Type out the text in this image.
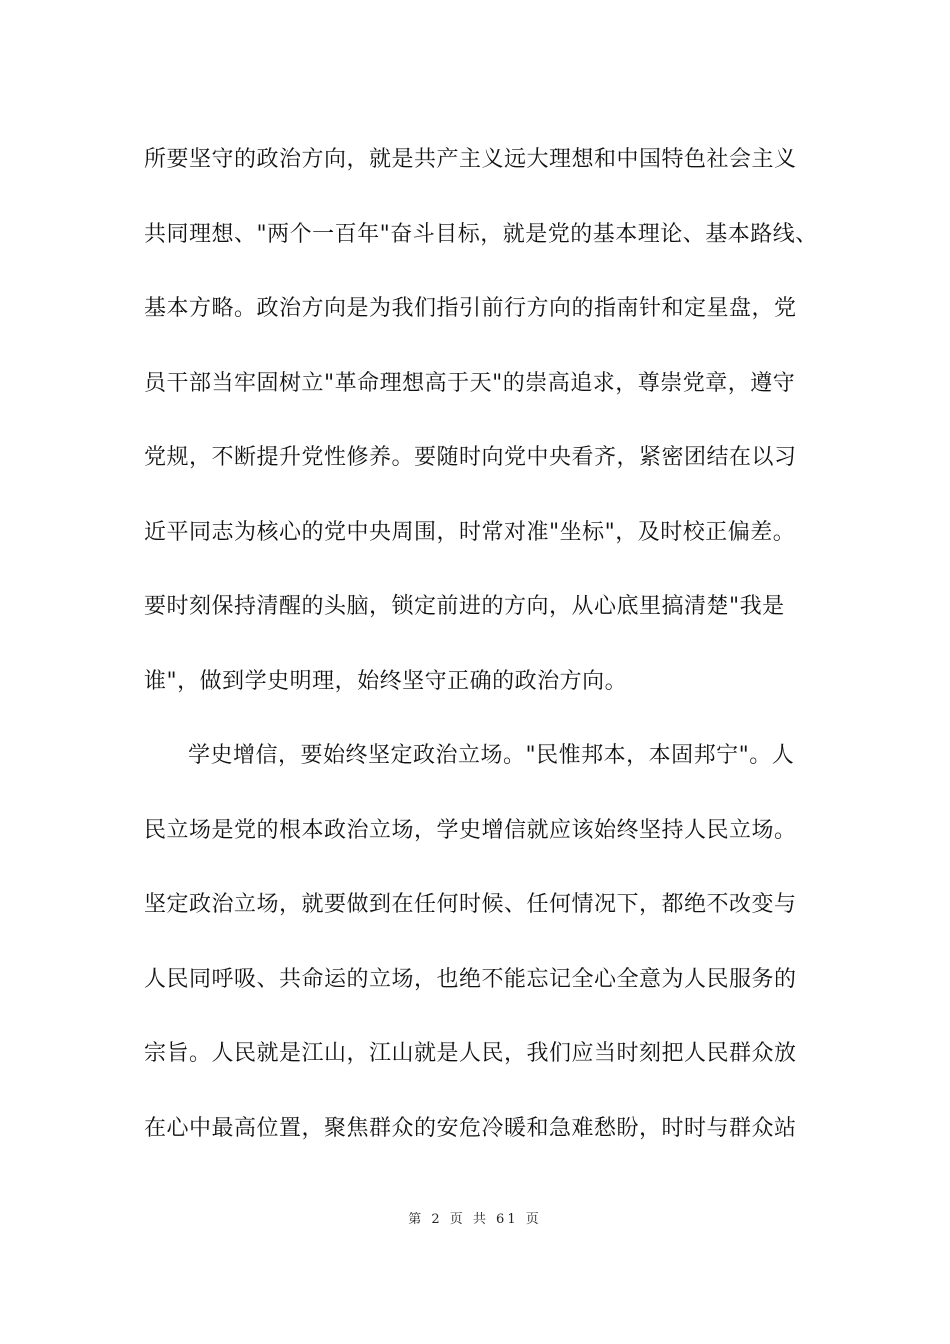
所要坚守的政治方向，就是共产主义远大理想和中国特色社会主义
共同理想、"两个一百年"奋斗目标，就是党的基本理论、基本路线、
基本方略。政治方向是为我们指引前行方向的指南针和定星盘，党
员干部当牢固树立"革命理想高于天"的崇高追求，尊崇党章，遵守
党规，不断提升党性修养。要随时向党中央看齐，紧密团结在以习
近平同志为核心的党中央周围，时常对准"坐标"，及时校正偏差。
要时刻保持清醒的头脑，锁定前进的方向，从心底里搞清楚"我是
谁"，做到学史明理，始终坚守正确的政治方向。
学史增信，要始终坚定政治立场。"民惟邦本，本固邦宁"。人
民立场是党的根本政治立场，学史增信就应该始终坚持人民立场。
坚定政治立场，就要做到在任何时候、任何情况下，都绝不改变与
人民同呼吸、共命运的立场，也绝不能忘记全心全意为人民服务的
宗旨。人民就是江山，江山就是人民，我们应当时刻把人民群众放
在心中最高位置，聚焦群众的安危冷暖和急难愁盼，时时与群众站
第 2 页 共 61 页
